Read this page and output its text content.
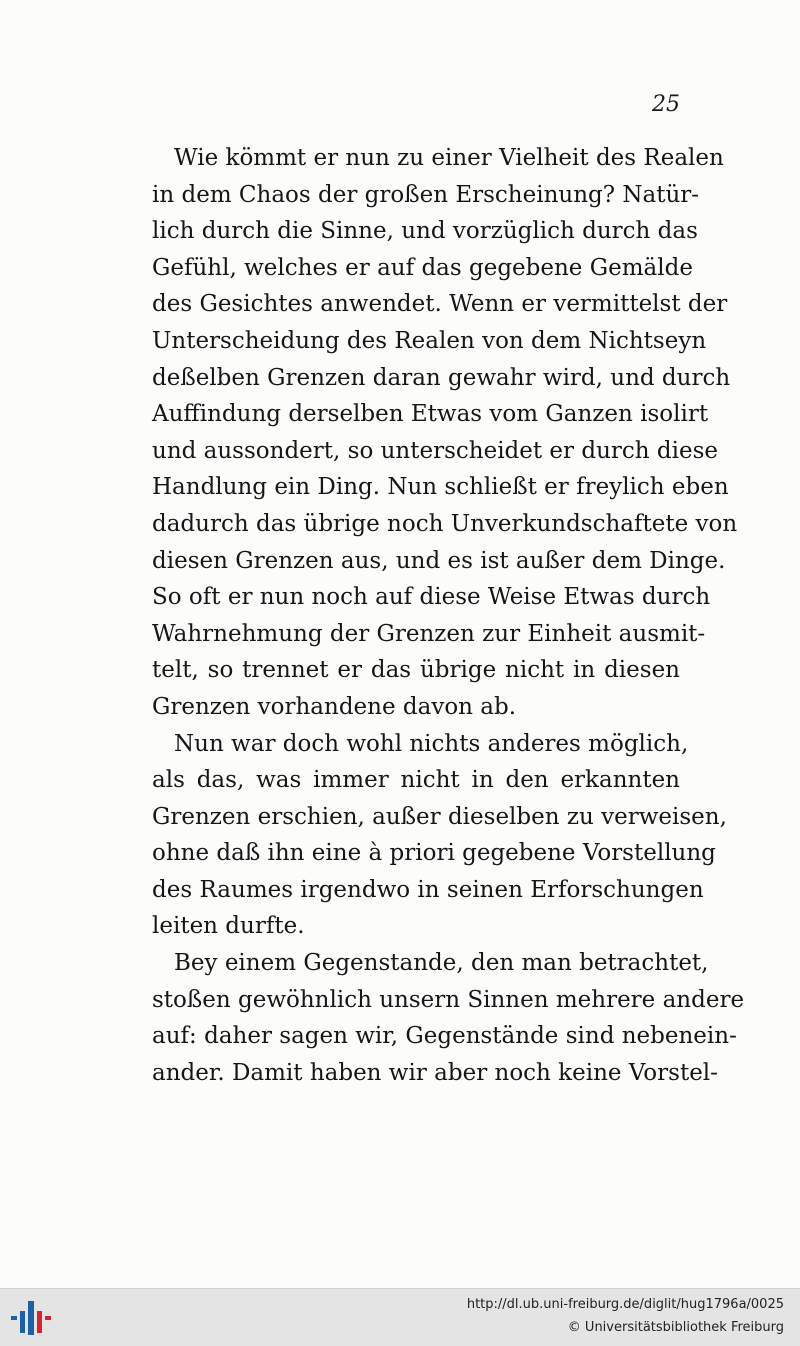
25

Wie kömmt er nun zu einer Vielheit des Realen
in dem Chaos der großen Erscheinung? Natür-
lich durch die Sinne, und vorzüglich durch das
Gefühl, welches er auf das gegebene Gemälde
des Gesichtes anwendet. Wenn er vermittelst der
Unterscheidung des Realen von dem Nichtseyn
deßelben Grenzen daran gewahr wird, und durch
Auffindung derselben Etwas vom Ganzen isolirt
und aussondert, so unterscheidet er durch diese
Handlung ein Ding. Nun schließt er freylich eben
dadurch das übrige noch Unverkundschaftete von
diesen Grenzen aus, und es ist außer dem Dinge.
So oft er nun noch auf diese Weise Etwas durch
Wahrnehmung der Grenzen zur Einheit ausmit-
telt, so trennet er das übrige nicht in diesen
Grenzen vorhandene davon ab.

Nun war doch wohl nichts anderes möglich,
als das, was immer nicht in den erkannten
Grenzen erschien, außer dieselben zu verweisen,
ohne daß ihn eine à priori gegebene Vorstellung
des Raumes irgendwo in seinen Erforschungen
leiten durfte.

Bey einem Gegenstande, den man betrachtet,
stoßen gewöhnlich unsern Sinnen mehrere andere
auf: daher sagen wir, Gegenstände sind nebenein-
ander. Damit haben wir aber noch keine Vorstel-

http://dl.ub.uni-freiburg.de/diglit/hug1796a/0025

© Universitätsbibliothek Freiburg
